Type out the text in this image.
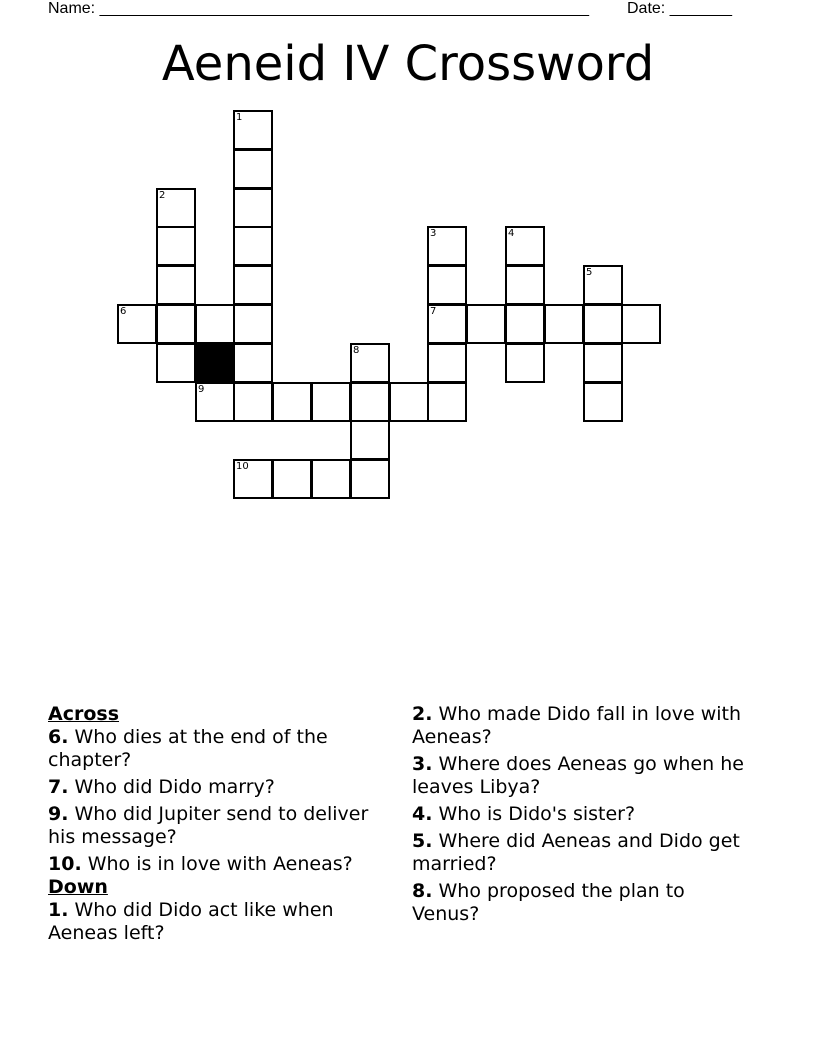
Name: _______________________________________________________ Date: _______
Aeneid IV Crossword
1
2
6
3
7
4
5
9
8
10
Across
6. Who dies at the end of the chapter?
7. Who did Dido marry?
9. Who did Jupiter send to deliver his message?
10. Who is in love with Aeneas?
Down
1. Who did Dido act like when Aeneas left?
2. Who made Dido fall in love with Aeneas?
3. Where does Aeneas go when he leaves Libya?
4. Who is Dido's sister?
5. Where did Aeneas and Dido get married?
8. Who proposed the plan to Venus?
